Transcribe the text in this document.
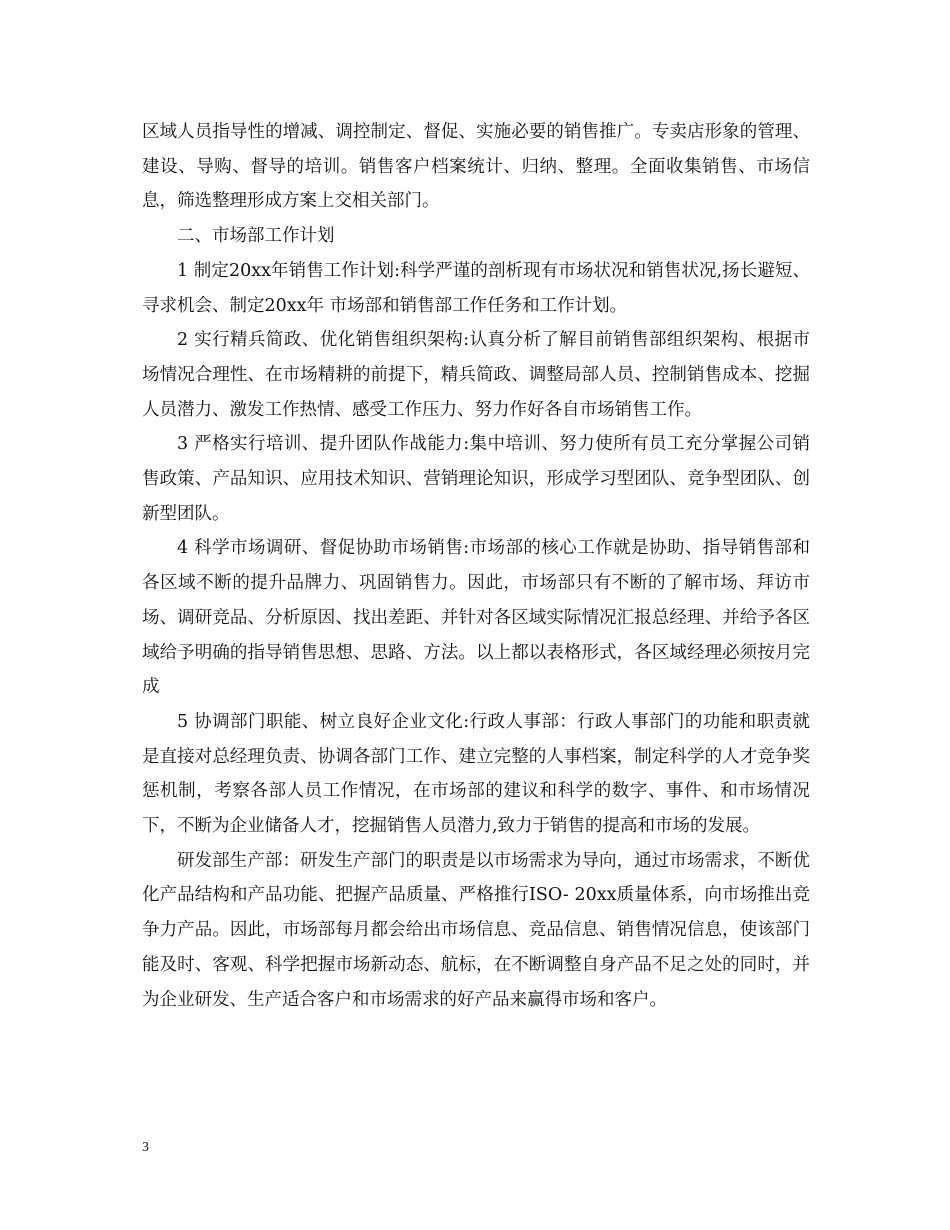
区域人员指导性的增减、调控制定、督促、实施必要的销售推广。专卖店形象的管理、建设、导购、督导的培训。销售客户档案统计、归纳、整理。全面收集销售、市场信息，筛选整理形成方案上交相关部门。

二、市场部工作计划

1 制定20xx年销售工作计划:科学严谨的剖析现有市场状况和销售状况,扬长避短、寻求机会、制定20xx年 市场部和销售部工作任务和工作计划。

2 实行精兵简政、优化销售组织架构:认真分析了解目前销售部组织架构、根据市场情况合理性、在市场精耕的前提下，精兵简政、调整局部人员、控制销售成本、挖掘人员潜力、激发工作热情、感受工作压力、努力作好各自市场销售工作。

3 严格实行培训、提升团队作战能力:集中培训、努力使所有员工充分掌握公司销售政策、产品知识、应用技术知识、营销理论知识，形成学习型团队、竞争型团队、创新型团队。

4 科学市场调研、督促协助市场销售:市场部的核心工作就是协助、指导销售部和各区域不断的提升品牌力、巩固销售力。因此，市场部只有不断的了解市场、拜访市场、调研竞品、分析原因、找出差距、并针对各区域实际情况汇报总经理、并给予各区域给予明确的指导销售思想、思路、方法。以上都以表格形式，各区域经理必须按月完成

5 协调部门职能、树立良好企业文化:行政人事部：行政人事部门的功能和职责就是直接对总经理负责、协调各部门工作、建立完整的人事档案，制定科学的人才竞争奖惩机制，考察各部人员工作情况，在市场部的建议和科学的数字、事件、和市场情况下，不断为企业储备人才，挖掘销售人员潜力,致力于销售的提高和市场的发展。

研发部生产部：研发生产部门的职责是以市场需求为导向，通过市场需求，不断优化产品结构和产品功能、把握产品质量、严格推行ISO- 20xx质量体系，向市场推出竞争力产品。因此，市场部每月都会给出市场信息、竞品信息、销售情况信息，使该部门能及时、客观、科学把握市场新动态、航标，在不断调整自身产品不足之处的同时，并为企业研发、生产适合客户和市场需求的好产品来赢得市场和客户。

3
